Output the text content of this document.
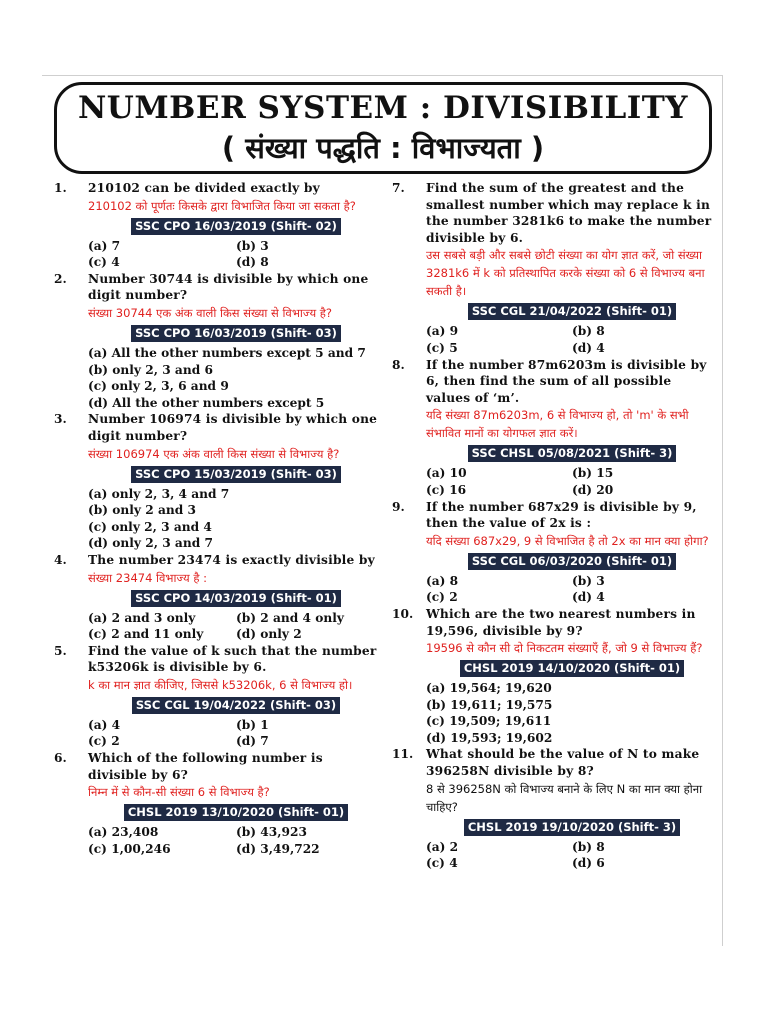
NUMBER SYSTEM : DIVISIBILITY
( संख्या पद्धति : विभाज्यता )
1. 210102 can be divided exactly by
210102 को पूर्णतः किसके द्वारा विभाजित किया जा सकता है?
SSC CPO 16/03/2019 (Shift- 02)
(a) 7	(b) 3
(c) 4	(d) 8
2. Number 30744 is divisible by which one digit number?
संख्या 30744 एक अंक वाली किस संख्या से विभाज्य है?
SSC CPO 16/03/2019 (Shift- 03)
(a) All the other numbers except 5 and 7
(b) only 2, 3 and 6
(c) only 2, 3, 6 and 9
(d) All the other numbers except 5
3. Number 106974 is divisible by which one digit number?
संख्या 106974 एक अंक वाली किस संख्या से विभाज्य है?
SSC CPO 15/03/2019 (Shift- 03)
(a) only 2, 3, 4 and 7
(b) only 2 and 3
(c) only 2, 3 and 4
(d) only 2, 3 and 7
4. The number 23474 is exactly divisible by
संख्या 23474 विभाज्य है :
SSC CPO 14/03/2019 (Shift- 01)
(a) 2 and 3 only	(b) 2 and 4 only
(c) 2 and 11 only	(d) only 2
5. Find the value of k such that the number k53206k is divisible by 6.
k का मान ज्ञात कीजिए, जिससे k53206k, 6 से विभाज्य हो।
SSC CGL 19/04/2022 (Shift- 03)
(a) 4	(b) 1
(c) 2	(d) 7
6. Which of the following number is divisible by 6?
निम्न में से कौन-सी संख्या 6 से विभाज्य है?
CHSL 2019 13/10/2020 (Shift- 01)
(a) 23,408	(b) 43,923
(c) 1,00,246	(d) 3,49,722
7. Find the sum of the greatest and the smallest number which may replace k in the number 3281k6 to make the number divisible by 6.
उस सबसे बड़ी और सबसे छोटी संख्या का योग ज्ञात करें, जो संख्या 3281k6 में k को प्रतिस्थापित करके संख्या को 6 से विभाज्य बना सकती है।
SSC CGL 21/04/2022 (Shift- 01)
(a) 9	(b) 8
(c) 5	(d) 4
8. If the number 87m6203m is divisible by 6, then find the sum of all possible values of ‘m’.
यदि संख्या 87m6203m, 6 से विभाज्य हो, तो 'm' के सभी संभावित मानों का योगफल ज्ञात करें।
SSC CHSL 05/08/2021 (Shift- 3)
(a) 10	(b) 15
(c) 16	(d) 20
9. If the number 687x29 is divisible by 9, then the value of 2x is :
यदि संख्या 687x29, 9 से विभाजित है तो 2x का मान क्या होगा?
SSC CGL 06/03/2020 (Shift- 01)
(a) 8	(b) 3
(c) 2	(d) 4
10. Which are the two nearest numbers in 19,596, divisible by 9?
19596 से कौन सी दो निकटतम संख्याएँ हैं, जो 9 से विभाज्य हैं?
CHSL 2019 14/10/2020 (Shift- 01)
(a) 19,564; 19,620
(b) 19,611; 19,575
(c) 19,509; 19,611
(d) 19,593; 19,602
11. What should be the value of N to make 396258N divisible by 8?
8 से 396258N को विभाज्य बनाने के लिए N का मान क्या होना चाहिए?
CHSL 2019 19/10/2020 (Shift- 3)
(a) 2	(b) 8
(c) 4	(d) 6
